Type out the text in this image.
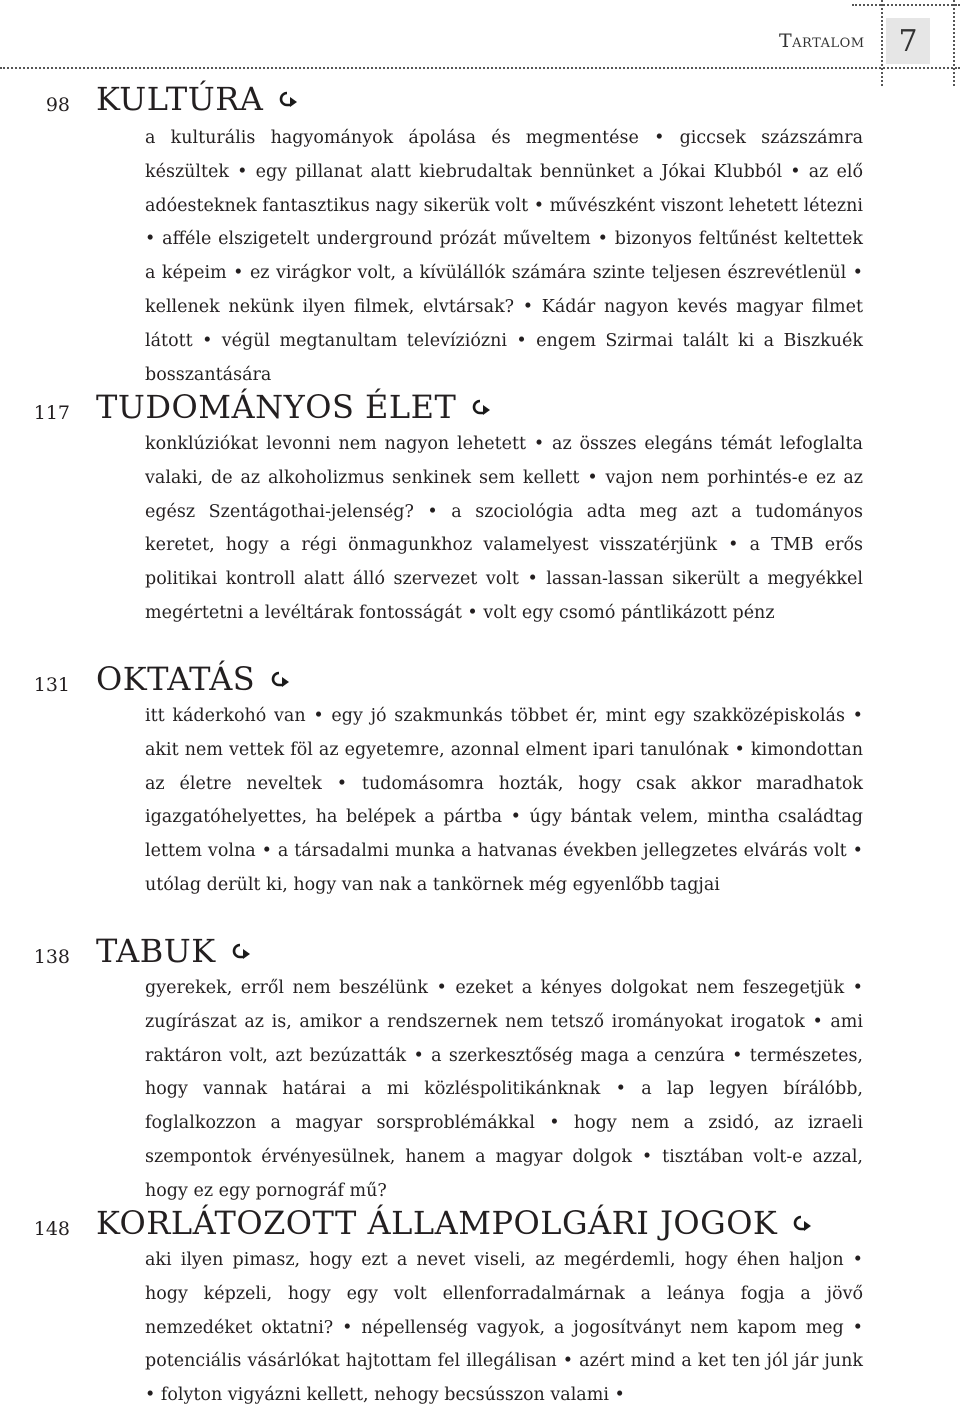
Tartalom 7
98 KULTÚRA
a kulturális hagyományok ápolása és megmentése • giccsek százszámra készültek • egy pillanat alatt kiebrudaltak bennünket a Jókai Klubból • az elő adóesteknek fantasztikus nagy sikerük volt • művészként viszont lehetett létezni • afféle elszigetelt underground prózát műveltem • bizonyos feltűnést keltettek a képeim • ez virágkor volt, a kívülállók számára szinte teljesen észrevétlenül • kellenek nekünk ilyen filmek, elvtársak? • Kádár nagyon kevés magyar filmet látott • végül megtanultam televíziózni • engem Szirmai talált ki a Biszkuék bosszantására
117 TUDOMÁNYOS ÉLET
konklúziókat levonni nem nagyon lehetett • az összes elegáns témát lefoglalta valaki, de az alkoholizmus senkinek sem kellett • vajon nem porhintés-e ez az egész Szentágothai-jelenség? • a szociológia adta meg azt a tudományos keretet, hogy a régi önmagunkhoz valamelyest visszatérjünk • a TMB erős politikai kontroll alatt álló szervezet volt • lassan-lassan sikerült a megyékkel megértetni a levéltárak fontosságát • volt egy csomó pántlikázott pénz
131 OKTATÁS
itt káderkohó van • egy jó szakmunkás többet ér, mint egy szakközépiskolás • akit nem vettek föl az egyetemre, azonnal elment ipari tanulónak • kimondottan az életre neveltek • tudomásomra hozták, hogy csak akkor maradhatok igazgatóhelyettes, ha belépek a pártba • úgy bántak velem, mintha családtag lettem volna • a társadalmi munka a hatvanas években jellegzetes elvárás volt • utólag derült ki, hogy van nak a tankörnek még egyenlőbb tagjai
138 TABUK
gyerekek, erről nem beszélünk • ezeket a kényes dolgokat nem feszegetjük • zugírászat az is, amikor a rendszernek nem tetsző irományokat irogatok • ami raktáron volt, azt bezúzatták • a szerkesztőség maga a cenzúra • természetes, hogy vannak határai a mi közléspolitikánknak • a lap legyen bírálóbb, foglalkozzon a magyar sorsproblémákkal • hogy nem a zsidó, az izraeli szempontok érvényesülnek, hanem a magyar dolgok • tisztában volt-e azzal, hogy ez egy pornográf mű?
148 KORLÁTOZOTT ÁLLAMPOLGÁRI JOGOK
aki ilyen pimasz, hogy ezt a nevet viseli, az megérdemli, hogy éhen haljon • hogy képzeli, hogy egy volt ellenforradalmárnak a leánya fogja a jövő nemzedéket oktatni? • népellenség vagyok, a jogosítványt nem kapom meg • potenciális vásárlókat hajtottam fel illegálisan • azért mind a ket ten jól jár junk • folyton vigyázni kellett, nehogy becsússzon valami •
